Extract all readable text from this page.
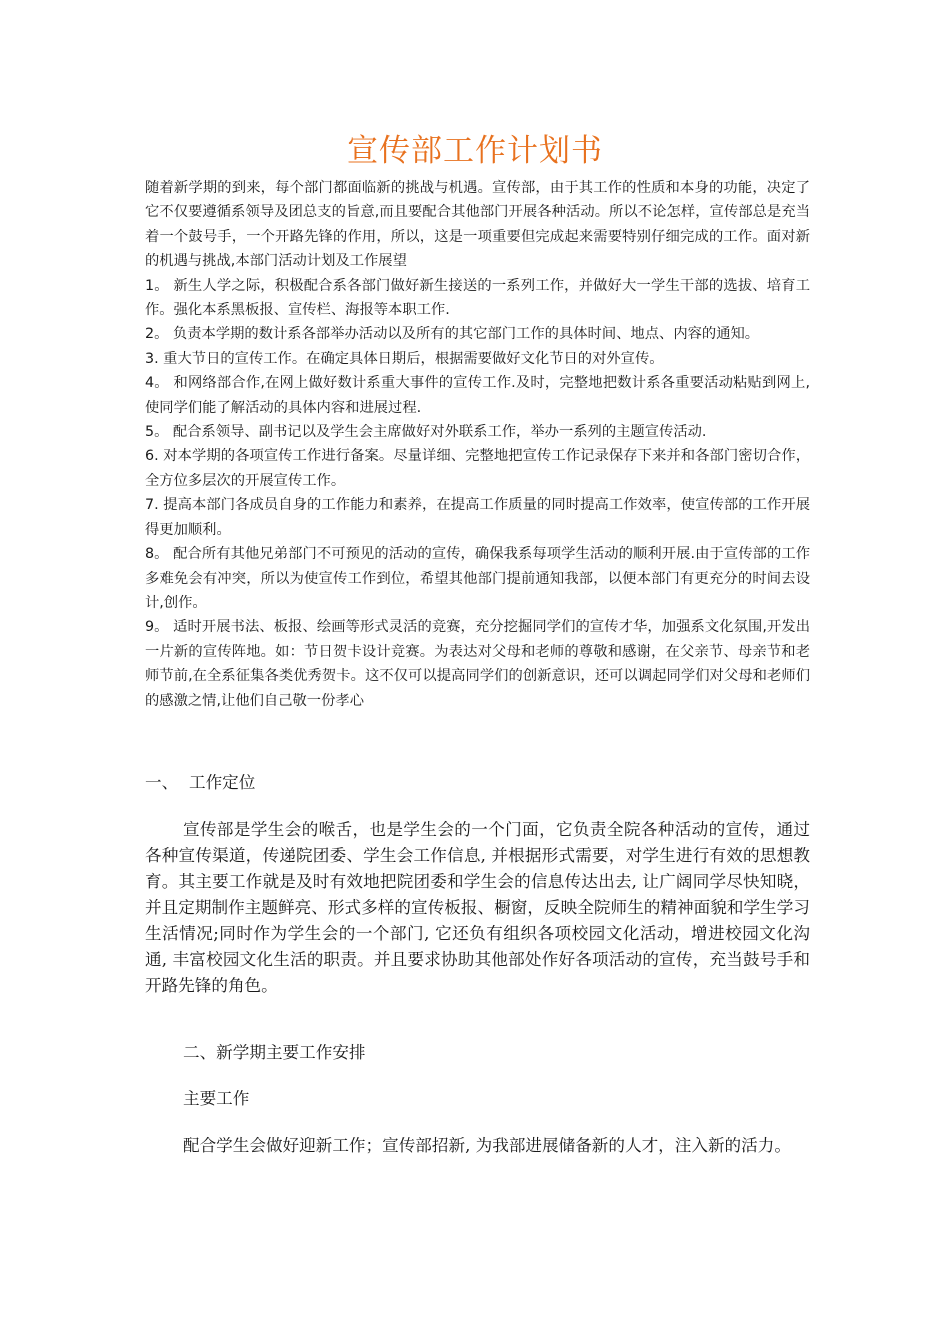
宣传部工作计划书

随着新学期的到来，每个部门都面临新的挑战与机遇。宣传部，由于其工作的性质和本身的功能，决定了它不仅要遵循系领导及团总支的旨意,而且要配合其他部门开展各种活动。所以不论怎样，宣传部总是充当着一个鼓号手，一个开路先锋的作用，所以，这是一项重要但完成起来需要特别仔细完成的工作。面对新的机遇与挑战,本部门活动计划及工作展望

1。 新生人学之际，积极配合系各部门做好新生接送的一系列工作，并做好大一学生干部的选拔、培育工作。强化本系黑板报、宣传栏、海报等本职工作.

2。 负责本学期的数计系各部举办活动以及所有的其它部门工作的具体时间、地点、内容的通知。

3. 重大节日的宣传工作。在确定具体日期后，根据需要做好文化节日的对外宣传。

4。 和网络部合作,在网上做好数计系重大事件的宣传工作.及时，完整地把数计系各重要活动粘贴到网上,使同学们能了解活动的具体内容和进展过程.

5。 配合系领导、副书记以及学生会主席做好对外联系工作，举办一系列的主题宣传活动.

6. 对本学期的各项宣传工作进行备案。尽量详细、完整地把宣传工作记录保存下来并和各部门密切合作，全方位多层次的开展宣传工作。

7. 提高本部门各成员自身的工作能力和素养，在提高工作质量的同时提高工作效率，使宣传部的工作开展得更加顺利。

8。 配合所有其他兄弟部门不可预见的活动的宣传，确保我系每项学生活动的顺利开展.由于宣传部的工作多难免会有冲突，所以为使宣传工作到位，希望其他部门提前通知我部，以便本部门有更充分的时间去设计,创作。

9。 适时开展书法、板报、绘画等形式灵活的竞赛，充分挖掘同学们的宣传才华，加强系文化氛围,开发出一片新的宣传阵地。如：节日贺卡设计竞赛。为表达对父母和老师的尊敬和感谢，在父亲节、母亲节和老师节前,在全系征集各类优秀贺卡。这不仅可以提高同学们的创新意识，还可以调起同学们对父母和老师们的感激之情,让他们自己敬一份孝心

一、 工作定位

宣传部是学生会的喉舌，也是学生会的一个门面，它负责全院各种活动的宣传，通过各种宣传渠道，传递院团委、学生会工作信息, 并根据形式需要，对学生进行有效的思想教育。其主要工作就是及时有效地把院团委和学生会的信息传达出去, 让广阔同学尽快知晓，并且定期制作主题鲜亮、形式多样的宣传板报、橱窗，反映全院师生的精神面貌和学生学习生活情况;同时作为学生会的一个部门, 它还负有组织各项校园文化活动，增进校园文化沟通, 丰富校园文化生活的职责。并且要求协助其他部处作好各项活动的宣传，充当鼓号手和开路先锋的角色。

二、新学期主要工作安排

主要工作

配合学生会做好迎新工作；宣传部招新, 为我部进展储备新的人才，注入新的活力。
